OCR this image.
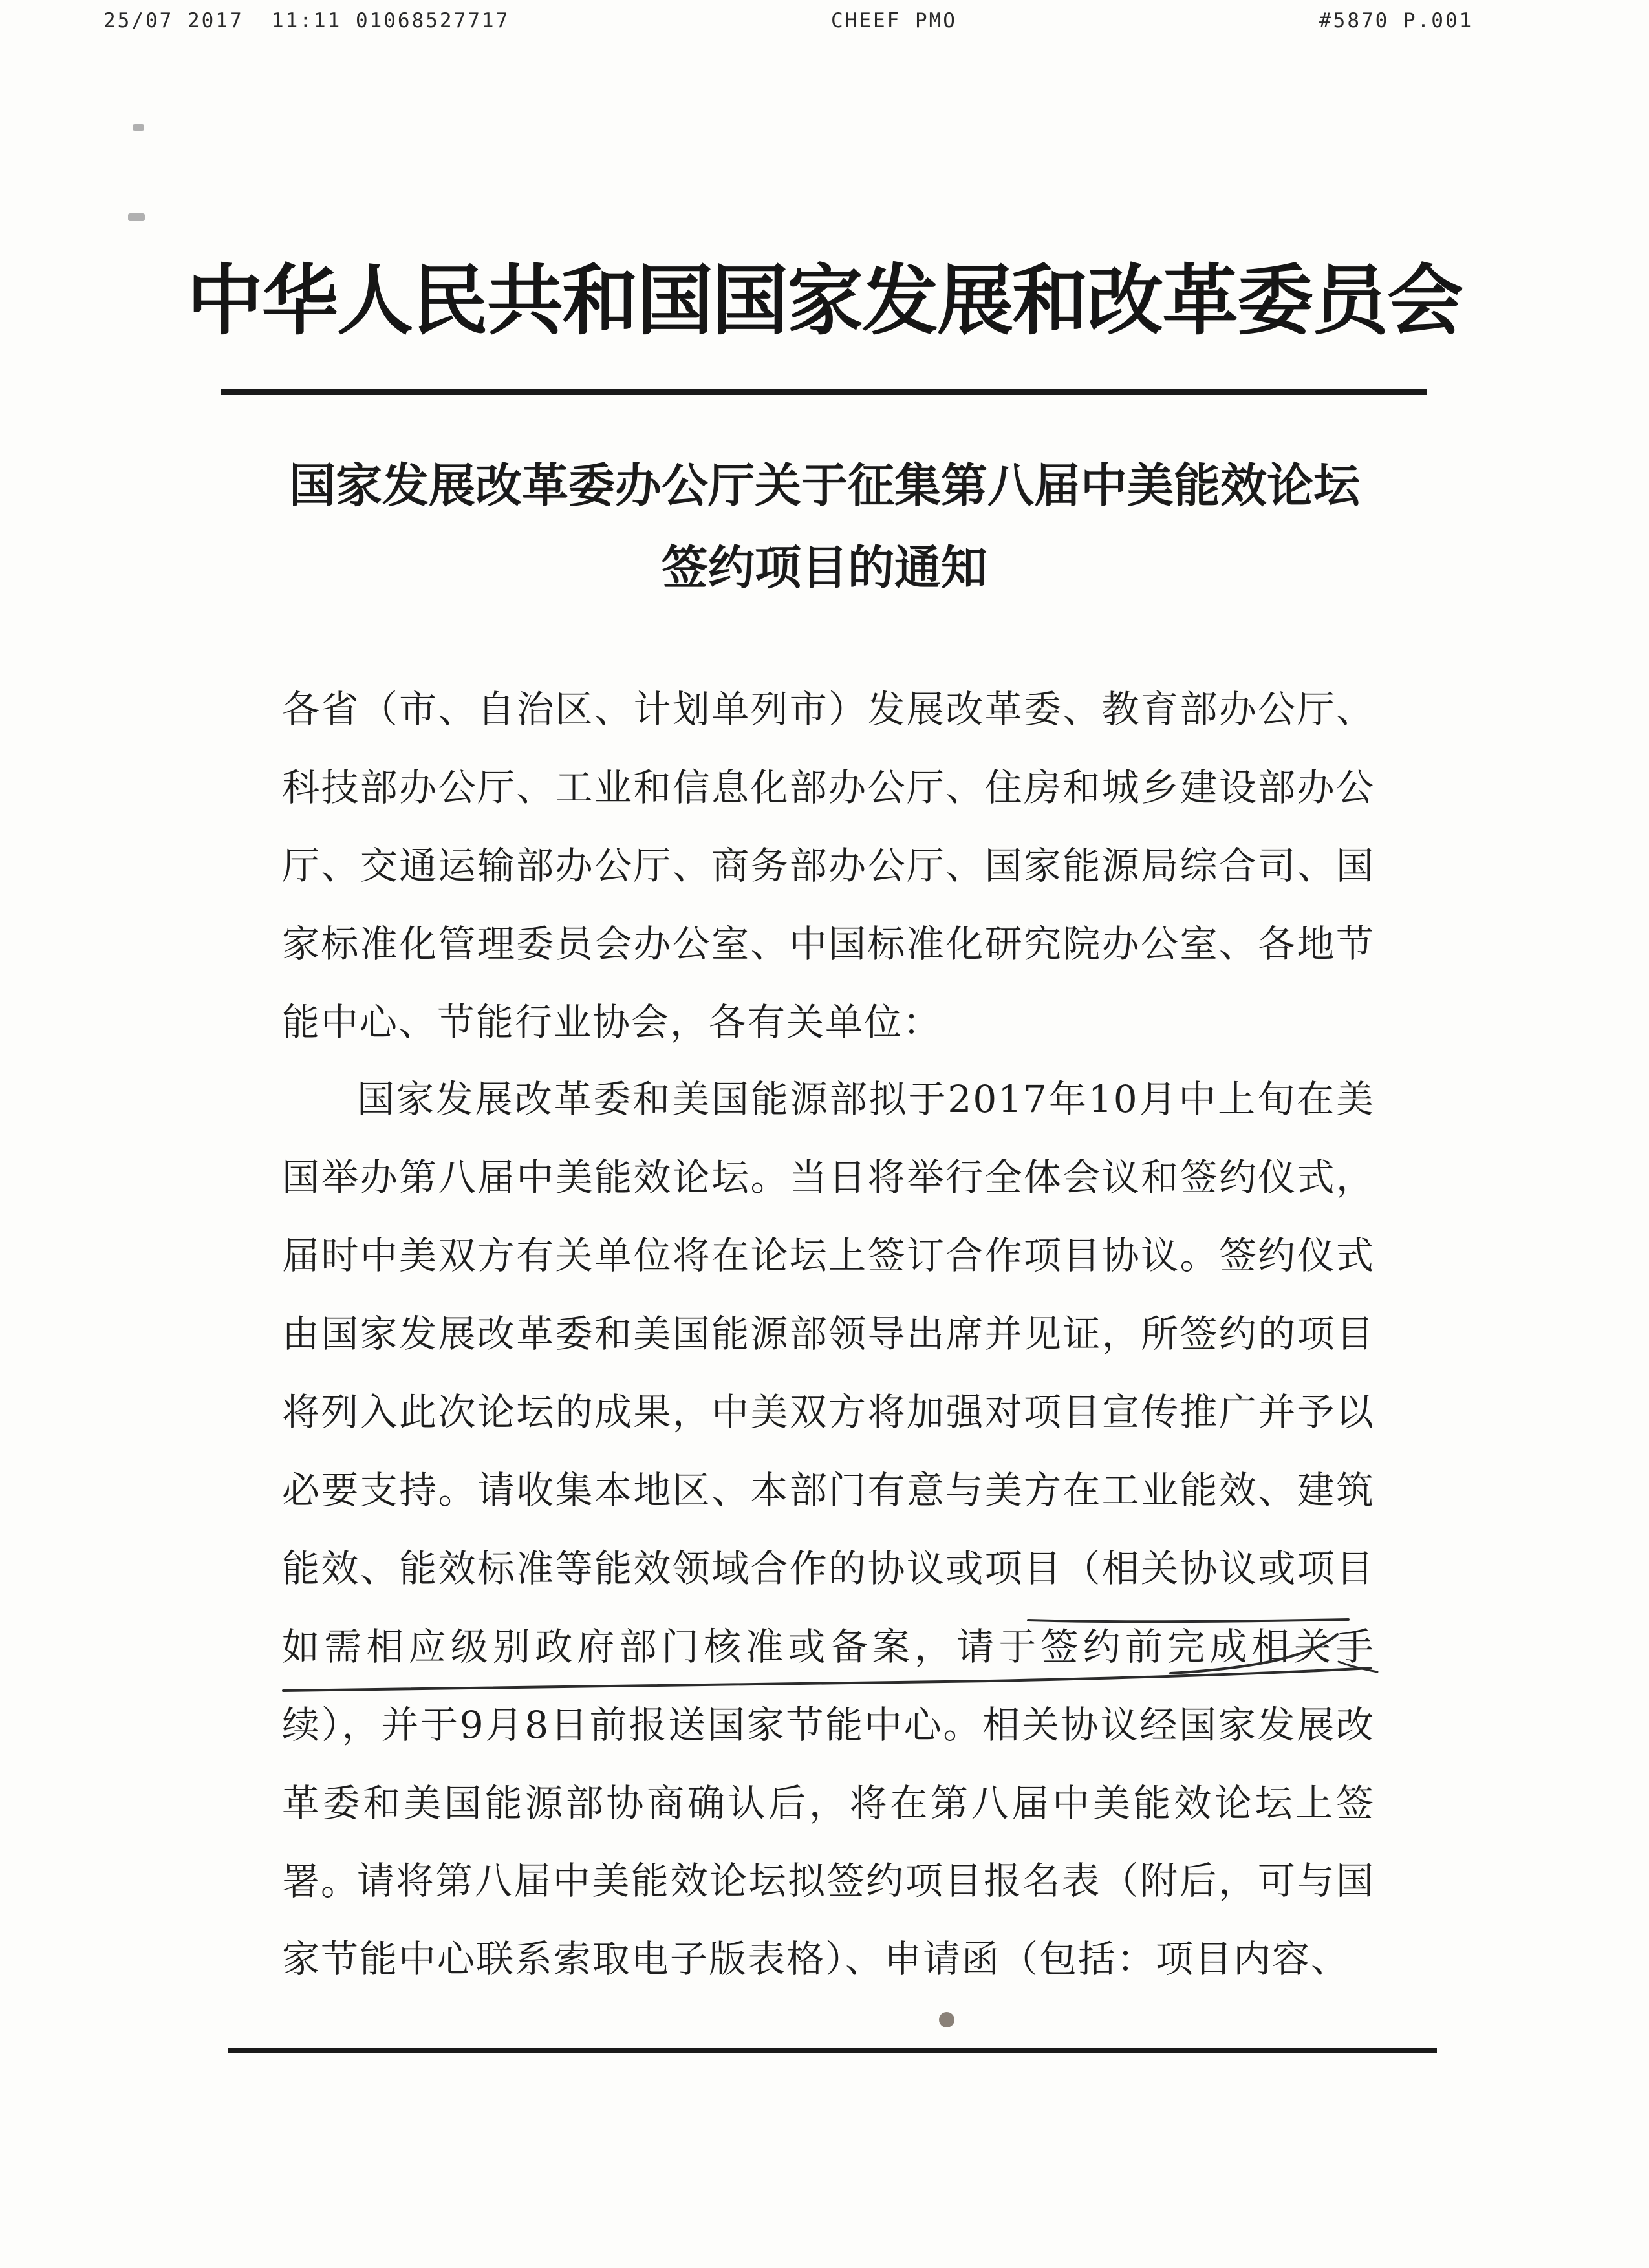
25/07 2017  11:11 01068527717	CHEEF PMO	#5870 P.001
中华人民共和国国家发展和改革委员会
国家发展改革委办公厅关于征集第八届中美能效论坛
签约项目的通知
各省（市、自治区、计划单列市）发展改革委、教育部办公厅、科技部办公厅、工业和信息化部办公厅、住房和城乡建设部办公厅、交通运输部办公厅、商务部办公厅、国家能源局综合司、国家标准化管理委员会办公室、中国标准化研究院办公室、各地节能中心、节能行业协会，各有关单位：
国家发展改革委和美国能源部拟于2017年10月中上旬在美国举办第八届中美能效论坛。当日将举行全体会议和签约仪式，届时中美双方有关单位将在论坛上签订合作项目协议。签约仪式由国家发展改革委和美国能源部领导出席并见证，所签约的项目将列入此次论坛的成果，中美双方将加强对项目宣传推广并予以必要支持。请收集本地区、本部门有意与美方在工业能效、建筑能效、能效标准等能效领域合作的协议或项目（相关协议或项目如需相应级别政府部门核准或备案，请于签约前完成相关手续），并于9月8日前报送国家节能中心。相关协议经国家发展改革委和美国能源部协商确认后，将在第八届中美能效论坛上签署。
请将第八届中美能效论坛拟签约项目报名表（附后，可与国家节能中心联系索取电子版表格）、申请函（包括：项目内容、
